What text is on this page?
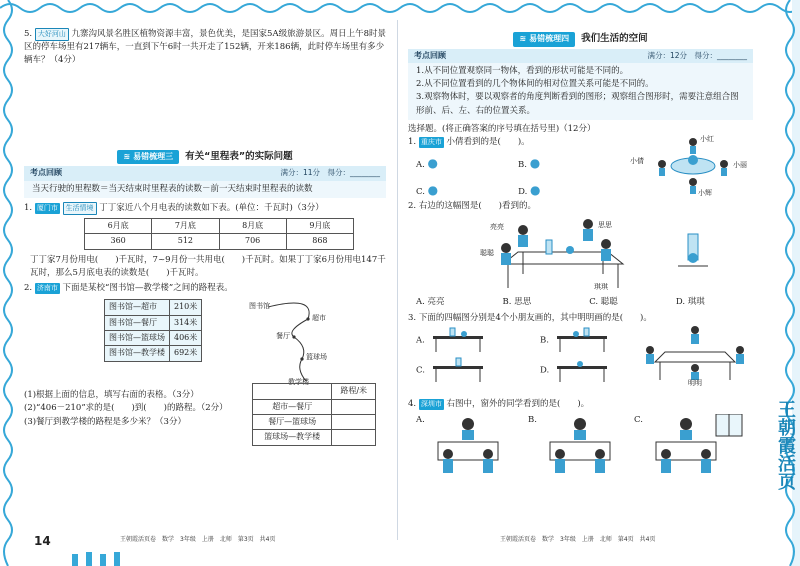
5. 大好河山 九寨沟风景名胜区植物资源丰富，景色优美，是国家5A级旅游景区。周日上午8时景区的停车场里有217辆车，一直到下午6时一共开走了152辆，开来186辆，此时停车场里有多少辆车？（4分）
≋ 易错梳理三 有关“里程表”的实际问题
考点回顾	满分：11分　得分：________
当天行驶的里程数＝当天结束时里程表的读数－前一天结束时里程表的读数
1. 厦门市 生活情境 丁丁家近八个月电表的读数如下表。(单位：千瓦时)（3分）
6月底	7月底	8月底	9月底
360	512	706	868
丁丁家7月份用电(　　)千瓦时，7~9月份一共用电(　　)千瓦时。如果丁丁家6月份用电147千瓦时，那么5月底电表的读数是(　　)千瓦时。
2. 济南市 下面是某校“图书馆—教学楼”之间的路程表。
图书馆—超市	210米
图书馆—餐厅	314米
图书馆—篮球场	406米
图书馆—教学楼	692米
图书馆
超市
餐厅
篮球场
教学楼
(1)根据上面的信息，填写右面的表格。（3分）
(2)“406－210”求的是(　　)到(　　)的路程。（2分）
(3)餐厅到教学楼的路程是多少米？（3分）
	路程/米
超市—餐厅	
餐厅—篮球场	
篮球场—教学楼	
14	王朝霞活页卷　数学　3年级　上册　北师　第3页　共4页
≋ 易错梳理四 我们生活的空间
考点回顾	满分：12分　得分：________
1.从不同位置观察同一物体，看到的形状可能是不同的。
2.从不同位置看到的几个物体间的相对位置关系可能是不同的。
3.观察物体时，要以观察者的角度判断看到的图形；观察组合图形时，需要注意组合图形前、后、左、右的位置关系。
选择题。(将正确答案的序号填在括号里)（12分）
1. 重庆市 小倩看到的是(　　)。
A. ●	B. ●
C. ●	D. ●
小红
小倩	小丽
小辉
2. 右边的这幅图是(　　)看到的。
亮亮	思思
聪聪
琪琪
A. 亮亮	B. 思思	C. 聪聪	D. 琪琪
3. 下面的四幅图分别是4个小朋友画的，其中明明画的是(　　)。
A.	B.
C.	D.
明明
4. 深圳市 右图中，窗外的同学看到的是(　　)。
A.	B.	C.
王朝霞活页卷　数学　3年级　上册　北师　第4页　共4页
王朝霞活页
